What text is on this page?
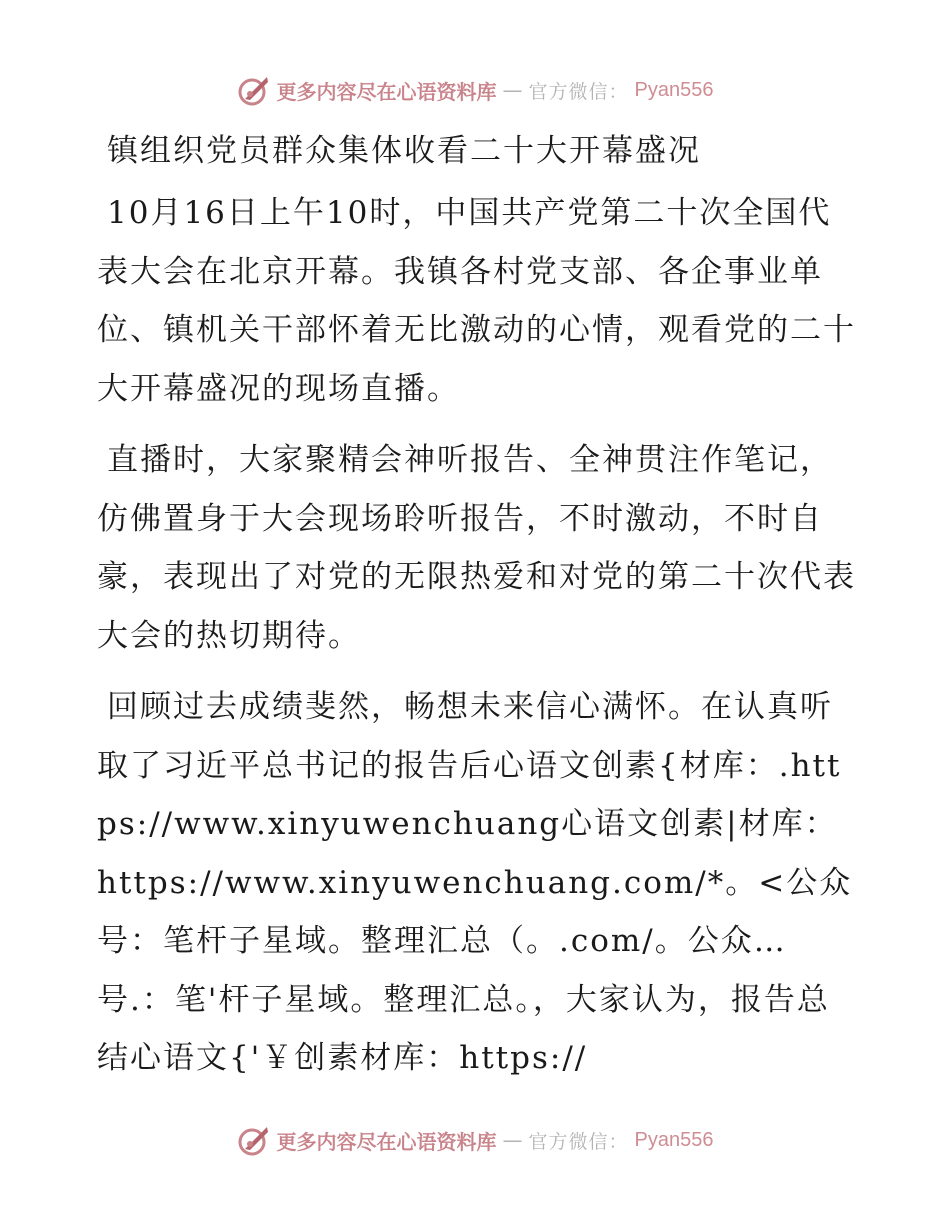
更多内容尽在心语资料库 — 官方微信： Pyan556
镇组织党员群众集体收看二十大开幕盛况

10月16日上午10时，中国共产党第二十次全国代表大会在北京开幕。我镇各村党支部、各企事业单位、镇机关干部怀着无比激动的心情，观看党的二十大开幕盛况的现场直播。

直播时，大家聚精会神听报告、全神贯注作笔记，仿佛置身于大会现场聆听报告，不时激动，不时自豪，表现出了对党的无限热爱和对党的第二十次代表大会的热切期待。

回顾过去成绩斐然，畅想未来信心满怀。在认真听取了习近平总书记的报告后心语文创素{材库：.https://www.xinyuwenchuang心语文创素|材库：https://www.xinyuwenchuang.com/*。<公众号：笔杆子星域。整理汇总（。.com/。公众…号.：笔'杆子星域。整理汇总。，大家认为，报告总结心语文{'￥创素材库：https://

更多内容尽在心语资料库 — 官方微信： Pyan556
